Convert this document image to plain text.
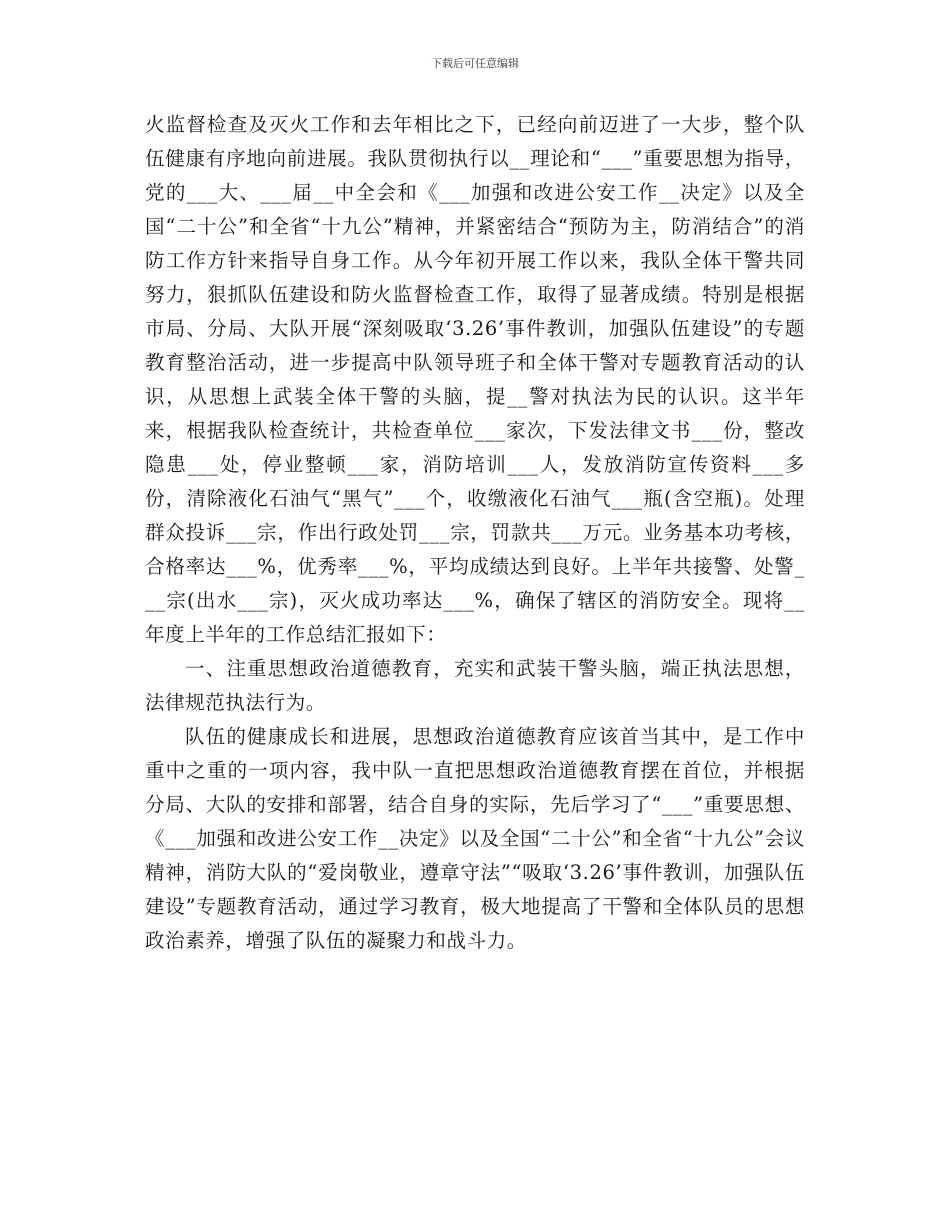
下载后可任意编辑

火监督检查及灭火工作和去年相比之下，已经向前迈进了一大步，整个队伍健康有序地向前进展。我队贯彻执行以__理论和“___”重要思想为指导，党的___大、___届__中全会和《___加强和改进公安工作__决定》以及全国“二十公”和全省“十九公”精神，并紧密结合“预防为主，防消结合”的消防工作方针来指导自身工作。从今年初开展工作以来，我队全体干警共同努力，狠抓队伍建设和防火监督检查工作，取得了显著成绩。特别是根据市局、分局、大队开展“深刻吸取‘3.26’事件教训，加强队伍建设”的专题教育整治活动，进一步提高中队领导班子和全体干警对专题教育活动的认识，从思想上武装全体干警的头脑，提__警对执法为民的认识。这半年来，根据我队检查统计，共检查单位___家次，下发法律文书___份，整改隐患___处，停业整顿___家，消防培训___人，发放消防宣传资料___多份，清除液化石油气“黑气”___个，收缴液化石油气___瓶(含空瓶)。处理群众投诉___宗，作出行政处罚___宗，罚款共___万元。业务基本功考核，合格率达___%，优秀率___%，平均成绩达到良好。上半年共接警、处警___宗(出水___宗)，灭火成功率达___%，确保了辖区的消防安全。现将__年度上半年的工作总结汇报如下：

一、注重思想政治道德教育，充实和武装干警头脑，端正执法思想，法律规范执法行为。

队伍的健康成长和进展，思想政治道德教育应该首当其中，是工作中重中之重的一项内容，我中队一直把思想政治道德教育摆在首位，并根据分局、大队的安排和部署，结合自身的实际，先后学习了“___”重要思想、《___加强和改进公安工作__决定》以及全国“二十公”和全省“十九公”会议精神，消防大队的“爱岗敬业，遵章守法”“吸取‘3.26’事件教训，加强队伍建设”专题教育活动，通过学习教育，极大地提高了干警和全体队员的思想政治素养，增强了队伍的凝聚力和战斗力。
